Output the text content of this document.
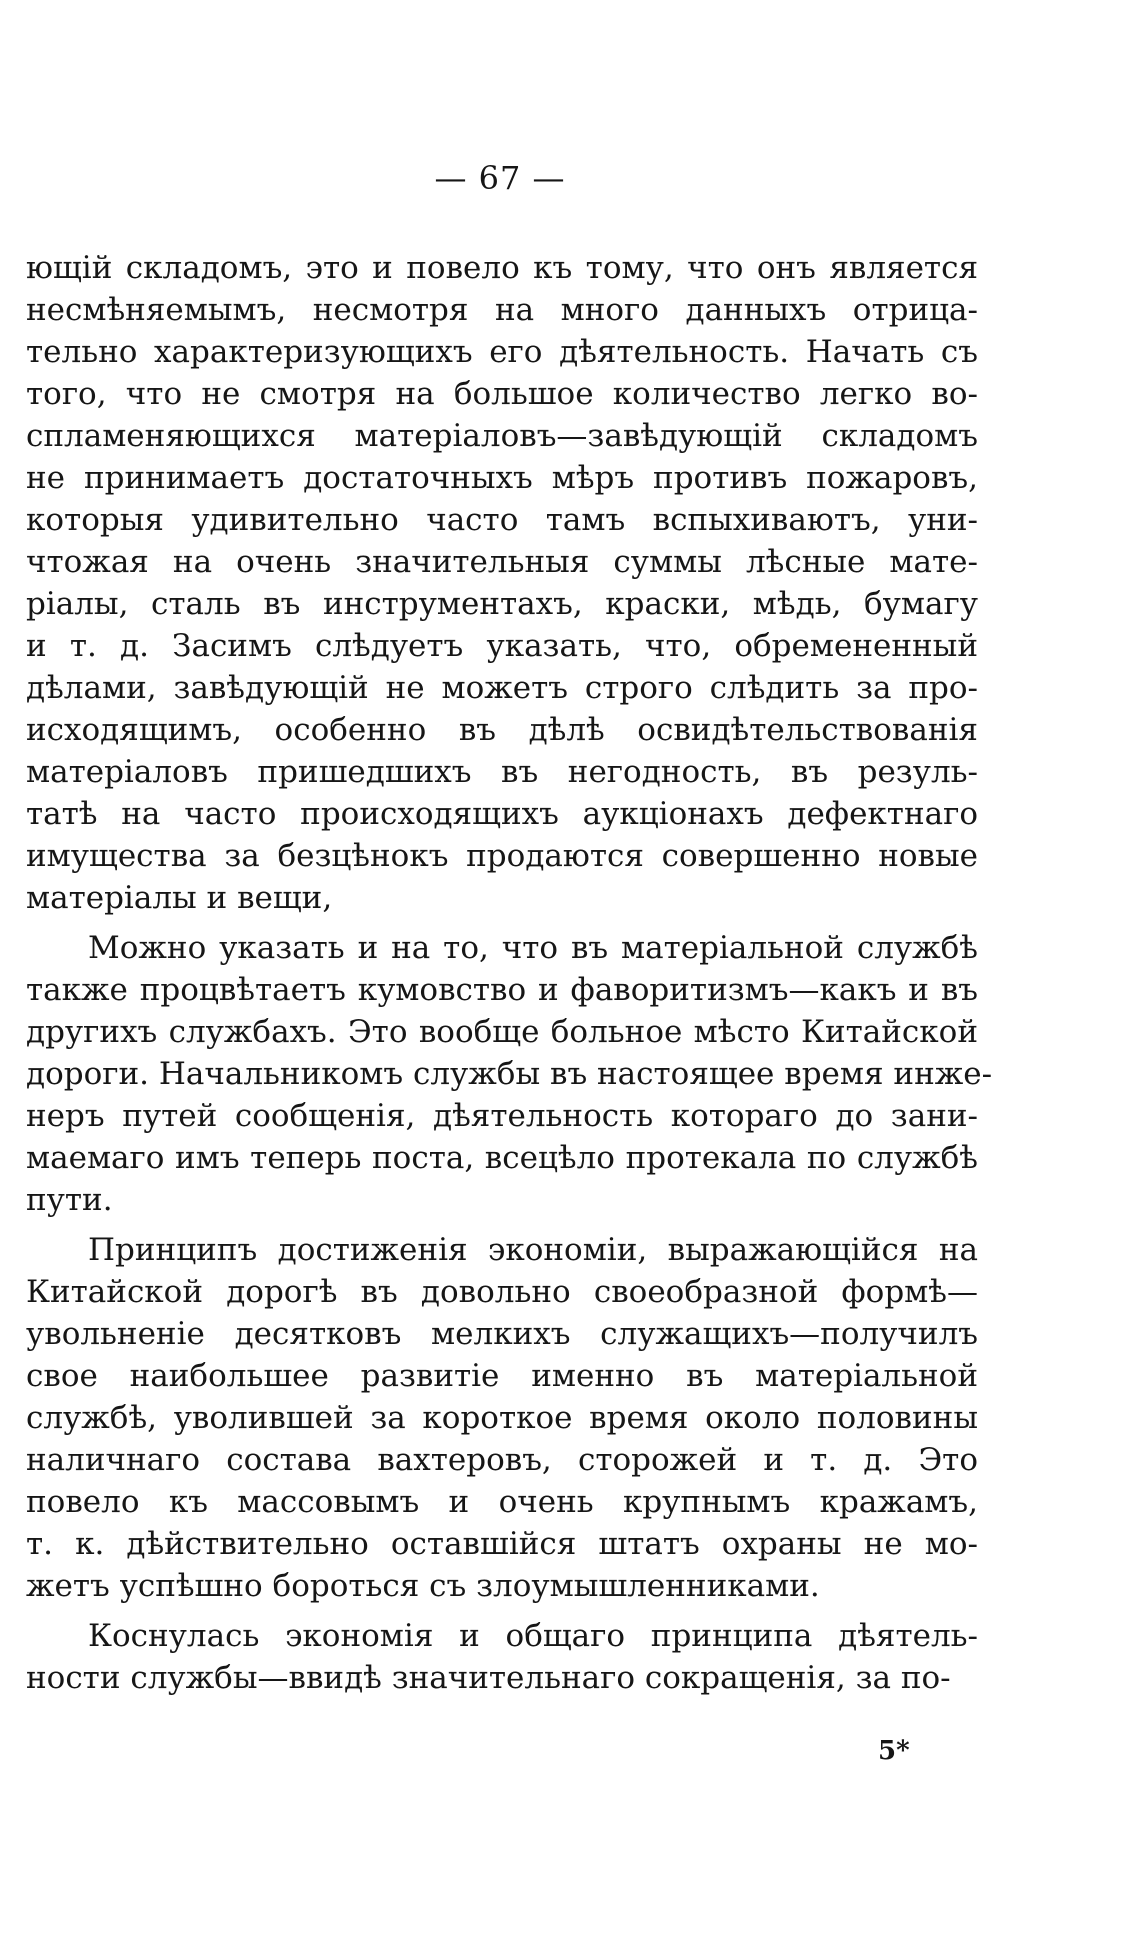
— 67 —
ющій складомъ, это и повело къ тому, что онъ является
несмѣняемымъ, несмотря на много данныхъ отрица-
тельно характеризующихъ его дѣятельность. Начать съ
того, что не смотря на большое количество легко во-
спламеняющихся матеріаловъ—завѣдующій складомъ
не принимаетъ достаточныхъ мѣръ противъ пожаровъ,
которыя удивительно часто тамъ вспыхиваютъ, уни-
чтожая на очень значительныя суммы лѣсные мате-
ріалы, сталь въ инструментахъ, краски, мѣдь, бумагу
и т. д. Засимъ слѣдуетъ указать, что, обремененный
дѣлами, завѣдующій не можетъ строго слѣдить за про-
исходящимъ, особенно въ дѣлѣ освидѣтельствованія
матеріаловъ пришедшихъ въ негодность, въ резуль-
татѣ на часто происходящихъ аукціонахъ дефектнаго
имущества за безцѣнокъ продаются совершенно новые
матеріалы и вещи,
Можно указать и на то, что въ матеріальной службѣ
также процвѣтаетъ кумовство и фаворитизмъ—какъ и въ
другихъ службахъ. Это вообще больное мѣсто Китайской
дороги. Начальникомъ службы въ настоящее время инже-
неръ путей сообщенія, дѣятельность котораго до зани-
маемаго имъ теперь поста, всецѣло протекала по службѣ
пути.
Принципъ достиженія экономіи, выражающійся на
Китайской дорогѣ въ довольно своеобразной формѣ—
увольненіе десятковъ мелкихъ служащихъ—получилъ
свое наибольшее развитіе именно въ матеріальной
службѣ, уволившей за короткое время около половины
наличнаго состава вахтеровъ, сторожей и т. д. Это
повело къ массовымъ и очень крупнымъ кражамъ,
т. к. дѣйствительно оставшійся штатъ охраны не мо-
жетъ успѣшно бороться съ злоумышленниками.
Коснулась экономія и общаго принципа дѣятель-
ности службы—ввидѣ значительнаго сокращенія, за по-
5*
